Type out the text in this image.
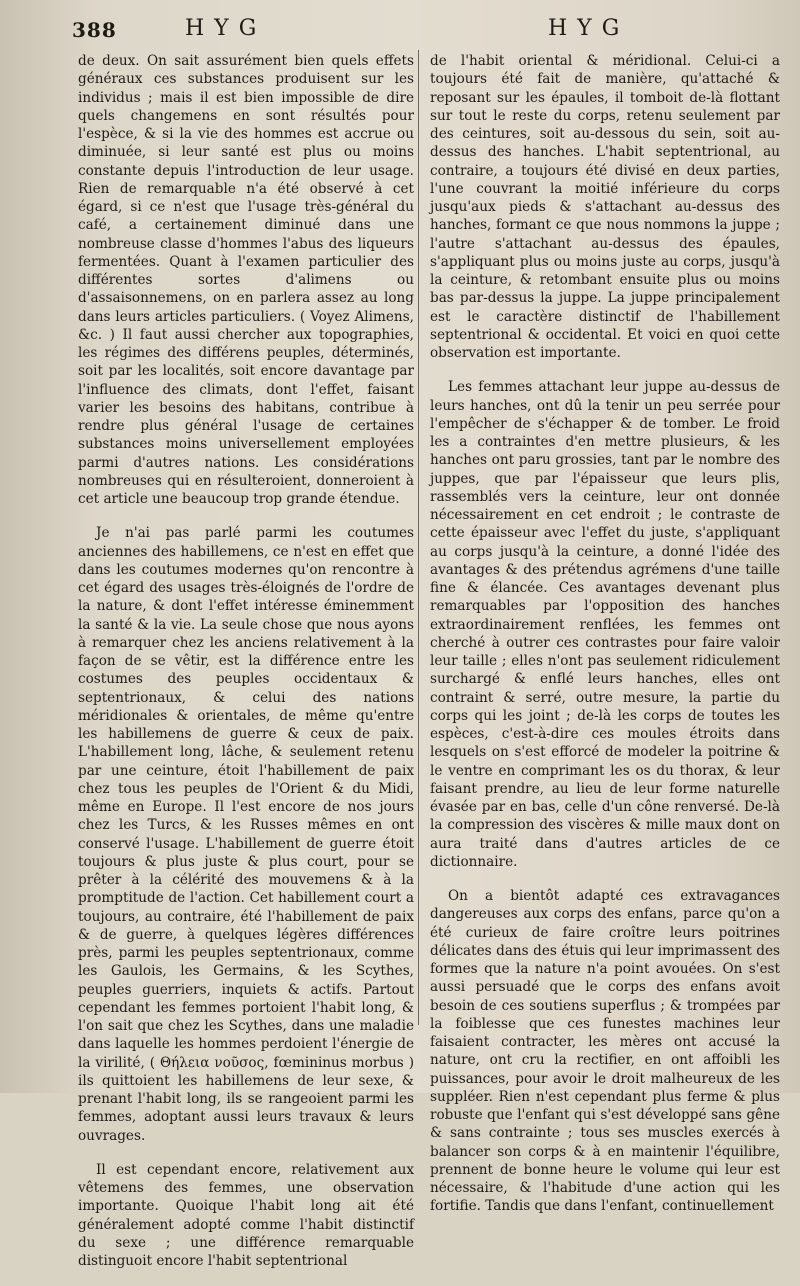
388	HYG	HYG

de deux. On sait assurément bien quels effets générаux ces substances produisent sur les individus ; mais il est bien impossible de dire quels changemens en sont résultés pour l'espèce, & si la vie des hommes est accrue ou diminuée, si leur santé est plus ou moins constante depuis l'introduction de leur usage. Rien de remarquable n'a été observé à cet égard, si ce n'est que l'usage très-général du café, a certainement diminué dans une nombreuse classe d'hommes l'abus des liqueurs fermentées. Quant à l'examen particulier des différentes sortes d'alimens ou d'assaisonnemens, on en parlera assez au long dans leurs articles particuliers. ( Voyez Alimens, &c. ) Il faut aussi chercher aux topographies, les régimes des différens peuples, déterminés, soit par les localités, soit encore davantage par l'influence des climats, dont l'effet, faisant varier les besoins des habitans, contribue à rendre plus général l'usage de certaines substances moins universellement employées parmi d'autres nations. Les considérations nombreuses qui en résulteroient, donneroient à cet article une beaucoup trop grande étendue.

Je n'ai pas parlé parmi les coutumes anciennes des habillemens, ce n'est en effet que dans les coutumes modernes qu'on rencontre à cet égard des usages très-éloignés de l'ordre de la nature, & dont l'effet intéresse éminemment la santé & la vie. La seule chose que nous ayons à remarquer chez les anciens relativement à la façon de se vêtir, est la différence entre les costumes des peuples occidentaux & septentrionaux, & celui des nations méridionales & orientales, de même qu'entre les habillemens de guerre & ceux de paix. L'habillement long, lâche, & seulement retenu par une ceinture, étoit l'habillement de paix chez tous les peuples de l'Orient & du Midi, même en Europe. Il l'est encore de nos jours chez les Turcs, & les Russes mêmes en ont conservé l'usage. L'habillement de guerre étoit toujours & plus juste & plus court, pour se prêter à la célérité des mouvemens & à la promptitude de l'action. Cet habillement court a toujours, au contraire, été l'habillement de paix & de guerre, à quelques légères différences près, parmi les peuples septentrionaux, comme les Gaulois, les Germains, & les Scythes, peuples guerriers, inquiets & actifs. Partout cependant les femmes portoient l'habit long, & l'on sait que chez les Scythes, dans une maladie dans laquelle les hommes perdoient l'énergie de la virilité, ( Θήλεια νοῦσος, fœmininus morbus ) ils quittoient les habillemens de leur sexe, & prenant l'habit long, ils se rangeoient parmi les femmes, adoptant aussi leurs travaux & leurs ouvrages.

Il est cependant encore, relativement aux vêtemens des femmes, une observation importante. Quoique l'habit long ait été généralement adopté comme l'habit distinctif du sexe ; une différence remarquable distinguoit encore l'habit septentrional

de l'habit oriental & méridional. Celui-ci a toujours été fait de manière, qu'attaché & reposant sur les épaules, il tomboit de-là flottant sur tout le reste du corps, retenu seulement par des ceintures, soit au-dessous du sein, soit au-dessus des hanches. L'habit septentrional, au contraire, a toujours été divisé en deux parties, l'une couvrant la moitié inférieure du corps jusqu'aux pieds & s'attachant au-dessus des hanches, formant ce que nous nommons la juppe ; l'autre s'attachant au-dessus des épaules, s'appliquant plus ou moins juste au corps, jusqu'à la ceinture, & retombant ensuite plus ou moins bas par-dessus la juppe. La juppe principalement est le caractère distinctif de l'habillement septentrional & occidental. Et voici en quoi cette observation est importante.

Les femmes attachant leur juppe au-dessus de leurs hanches, ont dû la tenir un peu serrée pour l'empêcher de s'échapper & de tomber. Le froid les a contraintes d'en mettre plusieurs, & les hanches ont paru grossies, tant par le nombre des juppes, que par l'épaisseur que leurs plis, rassemblés vers la ceinture, leur ont donnée nécessairement en cet endroit ; le contraste de cette épaisseur avec l'effet du juste, s'appliquant au corps jusqu'à la ceinture, a donné l'idée des avantages & des prétendus agrémens d'une taille fine & élancée. Ces avantages devenant plus remarquables par l'opposition des hanches extraordinairement renflées, les femmes ont cherché à outrer ces contrastes pour faire valoir leur taille ; elles n'ont pas seulement ridiculement surchargé & enflé leurs hanches, elles ont contraint & serré, outre mesure, la partie du corps qui les joint ; de-là les corps de toutes les espèces, c'est-à-dire ces moules étroits dans lesquels on s'est efforcé de modeler la poitrine & le ventre en comprimant les os du thorax, & leur faisant prendre, au lieu de leur forme naturelle évasée par en bas, celle d'un cône renversé. De-là la compression des viscères & mille maux dont on aura traité dans d'autres articles de ce dictionnaire.

On a bientôt adapté ces extravagances dangereuses aux corps des enfans, parce qu'on a été curieux de faire croître leurs poitrines délicates dans des étuis qui leur imprimassent des formes que la nature n'a point avouées. On s'est aussi persuadé que le corps des enfans avoit besoin de ces soutiens superflus ; & trompées par la foiblesse que ces funestes machines leur faisaient contracter, les mères ont accusé la nature, ont cru la rectifier, en ont affoibli les puissances, pour avoir le droit malheureux de les suppléer. Rien n'est cependant plus ferme & plus robuste que l'enfant qui s'est développé sans gêne & sans contrainte ; tous ses muscles exercés à balancer son corps & à en maintenir l'équilibre, prennent de bonne heure le volume qui leur est nécessaire, & l'habitude d'une action qui les fortifie. Tandis que dans l'enfant, continuellement
